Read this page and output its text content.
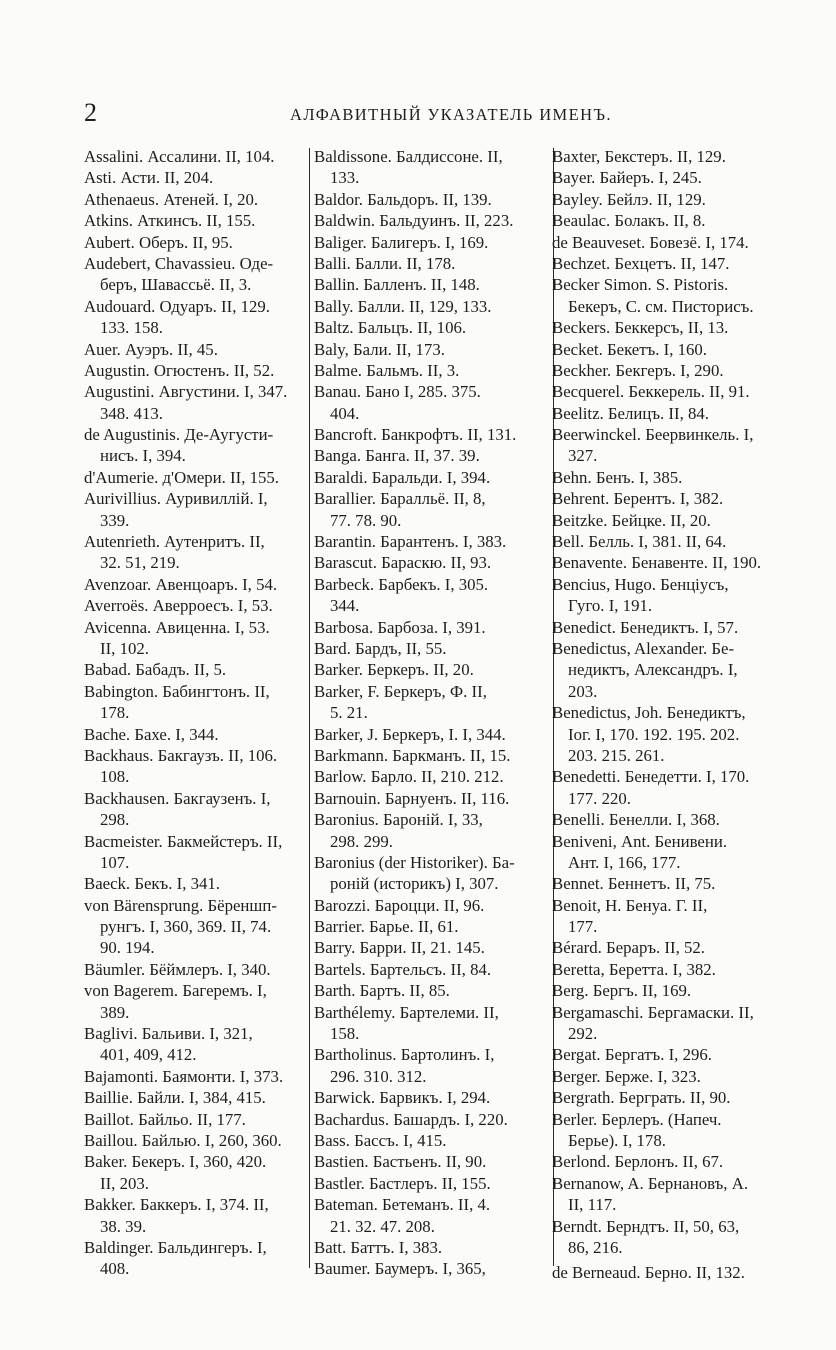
2	АЛФАВИТНЫЙ УКАЗАТЕЛЬ ИМЕНЪ.
Assalini. Ассалини. II, 104.
Asti. Асти. II, 204.
Athenaeus. Атеней. I, 20.
Atkins. Аткинсъ. II, 155.
Aubert. Оберъ. II, 95.
Audebert, Chavassieu. Оде-
беръ, Шавассьё. II, 3.
Audouard. Одуаръ. II, 129.
133. 158.
Auer. Ауэръ. II, 45.
Augustin. Огюстенъ. II, 52.
Augustini. Августини. I, 347.
348. 413.
de Augustinis. Де-Аугусти-
нисъ. I, 394.
d'Aumerie. д'Омери. II, 155.
Aurivillius. Ауривиллiй. I,
339.
Autenrieth. Аутенритъ. II,
32. 51, 219.
Avenzoar. Авенцоаръ. I, 54.
Averroës. Аверроесъ. I, 53.
Avicenna. Авиценна. I, 53.
II, 102.
Babad. Бабадъ. II, 5.
Babington. Бабингтонъ. II,
178.
Bache. Бахе. I, 344.
Backhaus. Бакгаузъ. II, 106.
108.
Backhausen. Бакгаузенъ. I,
298.
Bacmeister. Бакмейстеръ. II,
107.
Baeck. Бекъ. I, 341.
von Bärensprung. Бёреншп-
рунгъ. I, 360, 369. II, 74.
90. 194.
Bäumler. Бёймлеръ. I, 340.
von Bagerem. Багеремъ. I,
389.
Baglivi. Бальиви. I, 321,
401, 409, 412.
Bajamonti. Баямонти. I, 373.
Baillie. Байли. I, 384, 415.
Baillot. Байльо. II, 177.
Baillou. Байлью. I, 260, 360.
Baker. Бекеръ. I, 360, 420.
II, 203.
Bakker. Баккеръ. I, 374. II,
38. 39.
Baldinger. Бальдингеръ. I,
408.
Baldissone. Балдиссоне. II,
133.
Baldor. Бальдоръ. II, 139.
Baldwin. Бальдуинъ. II, 223.
Baliger. Балигеръ. I, 169.
Balli. Балли. II, 178.
Ballin. Балленъ. II, 148.
Bally. Балли. II, 129, 133.
Baltz. Бальцъ. II, 106.
Baly, Бали. II, 173.
Balme. Бальмъ. II, 3.
Banau. Бано I, 285. 375.
404.
Bancroft. Банкрофтъ. II, 131.
Banga. Банга. II, 37. 39.
Baraldi. Баральди. I, 394.
Barallier. Баралльё. II, 8,
77. 78. 90.
Barantin. Барантенъ. I, 383.
Barascut. Бараскю. II, 93.
Barbeck. Барбекъ. I, 305.
344.
Barbosa. Барбоза. I, 391.
Bard. Бардъ, II, 55.
Barker. Беркеръ. II, 20.
Barker, F. Беркеръ, Ф. II,
5. 21.
Barker, J. Беркеръ, I. I, 344.
Barkmann. Баркманъ. II, 15.
Barlow. Барло. II, 210. 212.
Barnouin. Барнуенъ. II, 116.
Baronius. Бароній. I, 33,
298. 299.
Baronius (der Historiker). Ба-
роній (историкъ) I, 307.
Barozzi. Бароцци. II, 96.
Barrier. Барье. II, 61.
Barry. Барри. II, 21. 145.
Bartels. Бартельсъ. II, 84.
Barth. Бартъ. II, 85.
Barthélemy. Бартелеми. II,
158.
Bartholinus. Бартолинъ. I,
296. 310. 312.
Barwick. Барвикъ. I, 294.
Bachardus. Башардъ. I, 220.
Bass. Бассъ. I, 415.
Bastien. Бастьенъ. II, 90.
Bastler. Бастлеръ. II, 155.
Bateman. Бетеманъ. II, 4.
21. 32. 47. 208.
Batt. Баттъ. I, 383.
Baumer. Баумеръ. I, 365,
Baxter, Бекстеръ. II, 129.
Bayer. Байеръ. I, 245.
Bayley. Бейлэ. II, 129.
Beaulac. Болакъ. II, 8.
de Beauveset. Бовезё. I, 174.
Bechzet. Бехцетъ. II, 147.
Becker Simon. S. Pistoris.
Бекеръ, С. см. Писторисъ.
Beckers. Беккерсъ, II, 13.
Becket. Бекетъ. I, 160.
Beckher. Бекгеръ. I, 290.
Becquerel. Беккерель. II, 91.
Beelitz. Белицъ. II, 84.
Beerwinckel. Беервинкель. I,
327.
Behn. Бенъ. I, 385.
Behrent. Берентъ. I, 382.
Beitzke. Бейцке. II, 20.
Bell. Белль. I, 381. II, 64.
Benavente. Бенавенте. II, 190.
Bencius, Hugo. Бенціусъ,
Гуго. I, 191.
Benedict. Бенедиктъ. I, 57.
Benedictus, Alexander. Бе-
недиктъ, Александръ. I,
203.
Benedictus, Joh. Бенедиктъ,
Іог. I, 170. 192. 195. 202.
203. 215. 261.
Benedetti. Бенедетти. I, 170.
177. 220.
Benelli. Бенелли. I, 368.
Benivenі, Ant. Бенивени.
Ант. I, 166, 177.
Bennet. Беннетъ. II, 75.
Benoit, H. Бенуа. Г. II,
177.
Bérard. Бераръ. II, 52.
Beretta, Беретта. I, 382.
Berg. Бергъ. II, 169.
Bergamaschi. Бергамаски. II,
292.
Bergat. Бергатъ. I, 296.
Berger. Берже. I, 323.
Bergrath. Берграть. II, 90.
Berler. Берлеръ. (Напеч.
Берье). I, 178.
Berlond. Берлонъ. II, 67.
Bernanow, A. Бернановъ, А.
II, 117.
Berndt. Берндтъ. II, 50, 63,
86, 216.
de Berneaud. Берно. II, 132.
